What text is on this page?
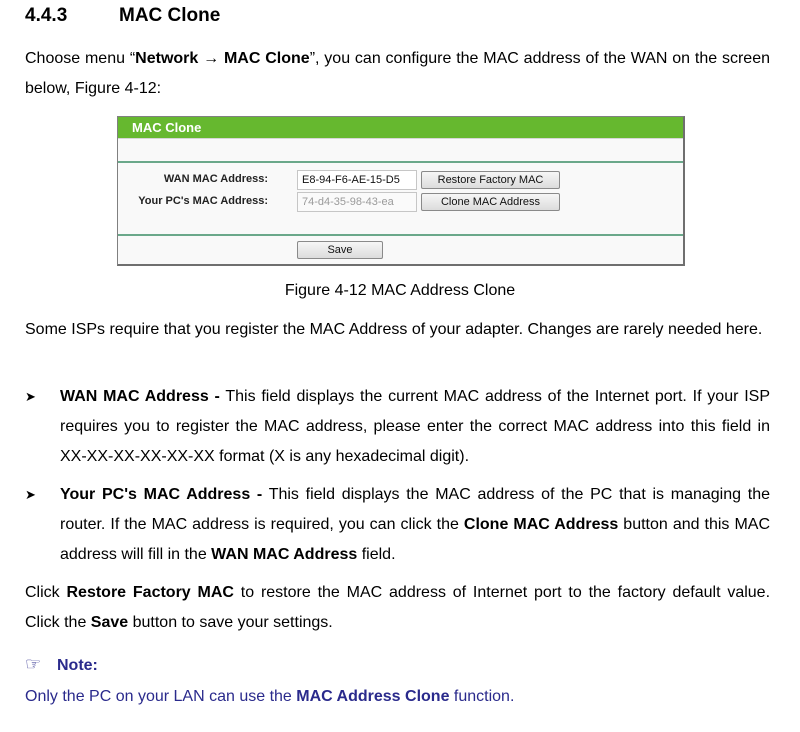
4.4.3	MAC Clone
Choose menu “Network → MAC Clone”, you can configure the MAC address of the WAN on the screen below, Figure 4-12:
MAC Clone
WAN MAC Address:
E8-94-F6-AE-15-D5	Restore Factory MAC
Your PC's MAC Address:
74-d4-35-98-43-ea	Clone MAC Address
Save
Figure 4-12 MAC Address Clone
Some ISPs require that you register the MAC Address of your adapter. Changes are rarely needed here.
➤	WAN MAC Address - This field displays the current MAC address of the Internet port. If your ISP requires you to register the MAC address, please enter the correct MAC address into this field in XX-XX-XX-XX-XX-XX format (X is any hexadecimal digit).
➤	Your PC's MAC Address - This field displays the MAC address of the PC that is managing the router. If the MAC address is required, you can click the Clone MAC Address button and this MAC address will fill in the WAN MAC Address field.
Click Restore Factory MAC to restore the MAC address of Internet port to the factory default value. Click the Save button to save your settings.
☞ Note:
Only the PC on your LAN can use the MAC Address Clone function.
